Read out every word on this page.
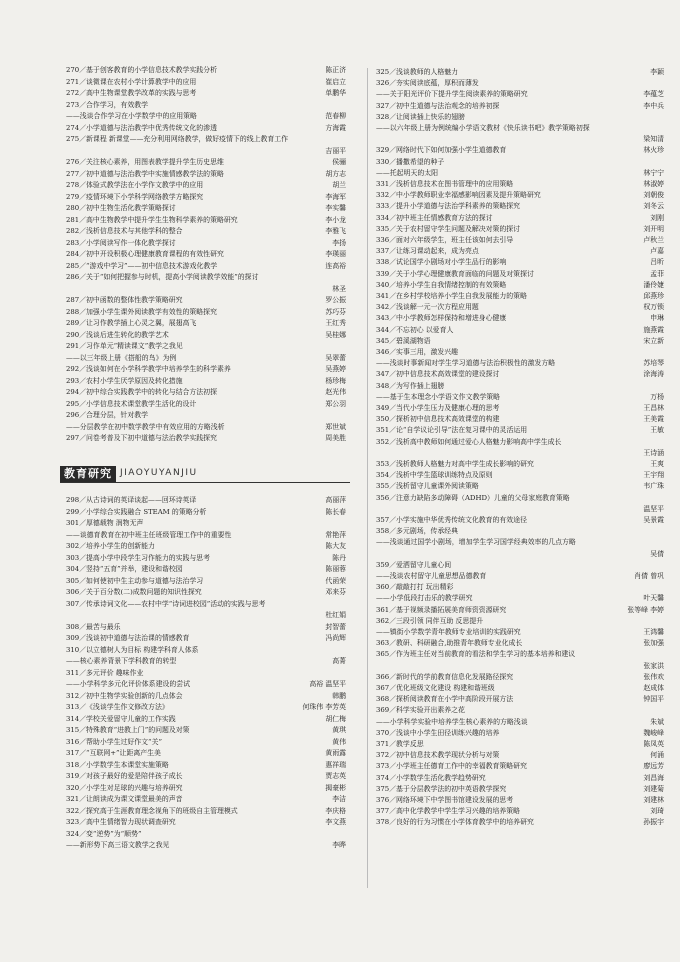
270／基于创客教育的小学信息技术教学实践分析	陈正济
271／谈微课在农村小学计算教学中的应用	崔启立
272／高中生物课堂教学改革的实践与思考	单鹏华
273／合作学习，有效教学
——浅谈合作学习在小学数学中的应用策略	范春柳
274／小学道德与法治教学中优秀传统文化的渗透	方海霞
275／新课程 新课堂——充分利用网络教学，做好疫情下的线上教育工作
吉丽平
276／关注核心素养，用图表教学提升学生历史思维	侯骊
277／初中道德与法治教学中实施情感教学法的策略	胡方志
278／体验式教学法在小学作文教学中的应用	胡兰
279／疫情环境下小学科学网络教学方略探究	李海军
280／初中生物生活化教学策略探讨	李实馨
281／高中生物教学中提升学生生物科学素养的策略研究	李小龙
282／浅析信息技术与其他学科的整合	李雅飞
283／小学阅读写作一体化教学探讨	李扬
284／初中开设积极心理健康教育课程的有效性研究	李瑛丽
285／“游戏中学习”——初中信息技术游戏化教学	连高裕
286／关于“如何把握参与时机，提高小学阅读教学效能”的探讨
林圣
287／初中函数的整体性教学策略研究	罗公振
288／加强小学生课外阅读教学有效性的策略探究	苏巧芬
289／让习作教学插上心灵之翼，展翅高飞	王红秀
290／浅谈后进生转化的教学艺术	吴桂娜
291／习作单元“精读课文”教学之我见
——以三年级上册《搭船的鸟》为例	吴翠蕾
292／浅谈如何在小学科学教学中培养学生的科学素养	吴燕婷
293／农村小学生厌学原因及转化措施	杨珍梅
294／初中综合实践教学中的转化与结合方法初探	赵光伟
295／小学信息技术课堂教学生活化的设计	郑公羽
296／合理分层，针对教学
——分层教学在初中数学教学中有效应用的方略浅析	郑世斌
297／问卷考普及下初中道德与法治教学实践探究	周美胜
教育研究 JIAOYUYANJIU
298／从古诗词的英译谈起——回环诗英译	高丽萍
299／小学综合实践融合 STEAM 的策略分析	陈长春
301／厚德载物 润物无声
——谈德育教育在初中班主任班级管理工作中的重要性	常艳萍
302／培养小学生的创新能力	陈大友
303／提高小学中段学生习作能力的实践与思考	陈丹
304／竖持“五育”并举，建设和谐校园	陈丽蓉
305／如何使初中生主动参与道德与法治学习	代函荣
306／关于百分数(二)成数问题的知识性探究	邓来芬
307／传承诗词文化——农村中学“诗词进校园”活动的实践与思考
杜红娟
308／最苦与最乐	封智蕾
309／浅谈初中道德与法治课的情感教育	冯尚辉
310／以立德树人为目标 构建学科育人体系
——核心素养背景下学科教育的转型	高菁
311／多元评价 趣味作业
——小学科学多元化评价体系建设的尝试	高裕 温坚平
312／初中生物学实验创新的几点体会	韩鹏
313／《浅谈学生作文修改方法》	何珠伟 李芳英
314／学校关爱留守儿童的工作实践	胡仁梅
315／特殊教育“进教上门”的问题及对策	黄琪
316／帮助小学生过好作文“关”	黄伟
317／“互联网+”让距离产生美	黄雨露
318／小学数学生本课堂实施策略	惠祥瑞
319／对孩子最好的爱是陪伴孩子成长	贾志英
320／小学生对足球的兴趣与培养研究	揭豪彬
321／让朗读成为课文课堂最美的声音	李洁
322／探究高于生涯教育理念视角下的班级自主管理模式	李庆格
323／高中生情绪智力现状调查研究	李文燕
324／变“逆势”为“顺势”
——新形势下高三语文教学之我见	李晔
325／浅谈教师的人格魅力	李颖
326／夯实阅读底蕴，厚积而薄发
——关于阳光评价下提升学生阅读素养的策略研究	李蕴芝
327／初中生道德与法治观念的培养初探	李中兵
328／让阅读插上快乐的翅膀
——以六年级上册为例统编小学语文教材《快乐读书吧》教学策略初探
梁知清
329／网络时代下如何加强小学生道德教育	林火珍
330／播撒希望的种子
——托起明天的太阳	林宁宁
331／浅析信息技术在图书管理中的应用策略	林淑婷
332／中小学教师职业幸福感影响因素及提升策略研究	刘朝俊
333／提升小学道德与法治学科素养的策略探究	刘冬云
334／初中班主任情感教育方法的探讨	刘刚
335／关于农村留守学生问题及解决对策的探讨	刘开明
336／面对六年级学生，班主任该如何去引导	卢秋兰
337／让练习课动起来，成为亮点	卢嘉
338／试论国学小剧场对小学生品行的影响	吕昕
339／关于小学心理健康教育面临的问题及对策探讨	孟菲
340／培养小学生自我情绪控制的有效策略	潘伶婕
341／在乡村学校培养小学生自我发展能力的策略	邱燕珍
342／浅谈解一元一次方程应用题	权万锁
343／中小学教师怎样保持和增进身心健康	申琳
344／不忘初心 以爱育人	施燕霞
345／碧溪湖物语	宋立新
346／实事三用，激发兴趣
——浅谈时事新闻对学生学习道德与法治积极性的激发方略	苏培琴
347／初中信息技术高效课堂的建设探讨	涂海涛
348／为写作插上翅膀
——基于生本理念小学语文作文教学策略	万杨
349／当代小学生压力及健康心理的思考	王昌林
350／探析初中信息技术高效课堂的构建	王美霞
351／论“自学议论引导”法在复习课中的灵活运用	王敏
352／浅析高中教师如何通过爱心人格魅力影响高中学生成长
王诗涵
353／浅析教师人格魅力对高中学生成长影响的研究	王爽
354／浅析中学生篮球训练特点及原则	王宇翔
355／浅析留守儿童课外阅读策略	韦广珠
356／注意力缺陷多动障碍（ADHD）儿童的父母家庭教育策略
温坚平
357／小学实施中华优秀传统文化教育的有效途径	吴景霞
358／多元剧场，传承经典
——浅谈通过国学小剧场，增加学生学习国学经典效率的几点方略
吴倩
359／爱洒留守儿童心间
——浅谈农村留守儿童思想品德教育	肖倩 曾巩
360／敲敲打打 玩出精彩
——小学低段打击乐的教学研究	叶天馨
361／基于视频录播拓展美育师资资源研究	张等峰 李婷
362／三段引领 同伴互助 反思提升
——镇街小学数学青年教师专业培训的实践研究	王鸿馨
363／教研、科研融合,助推青年教师专业化成长	张加强
365／作为班主任对当前教育的看法和学生学习的基本培养和建议
张家洪
366／新时代的学前教育信息化发展路径探究	张伟欢
367／优化班级文化建设 构建和谐班级	赵成体
368／探析阅读教育在小学中高阶段开展方法	钟国平
369／科学实验开出素养之花
——小学科学实验中培养学生核心素养的方略浅谈	朱斌
370／浅谈中小学生田径训练兴趣的培养	魏峻峰
371／教学反思	陈凤英
372／初中信息技术教学现状分析与对策	何涌
373／小学班主任德育工作中的幸福教育策略研究	廖远芳
374／小学数学生活化教学趋势研究	刘昌海
375／基于分层教学法的初中英语教学探究	刘建菊
376／网络环境下中学图书馆建设发展的思考	刘建林
377／高中化学教学中学生学习兴趣的培养策略	刘琦
378／良好的行为习惯在小学体育教学中的培养研究	孙振宇
